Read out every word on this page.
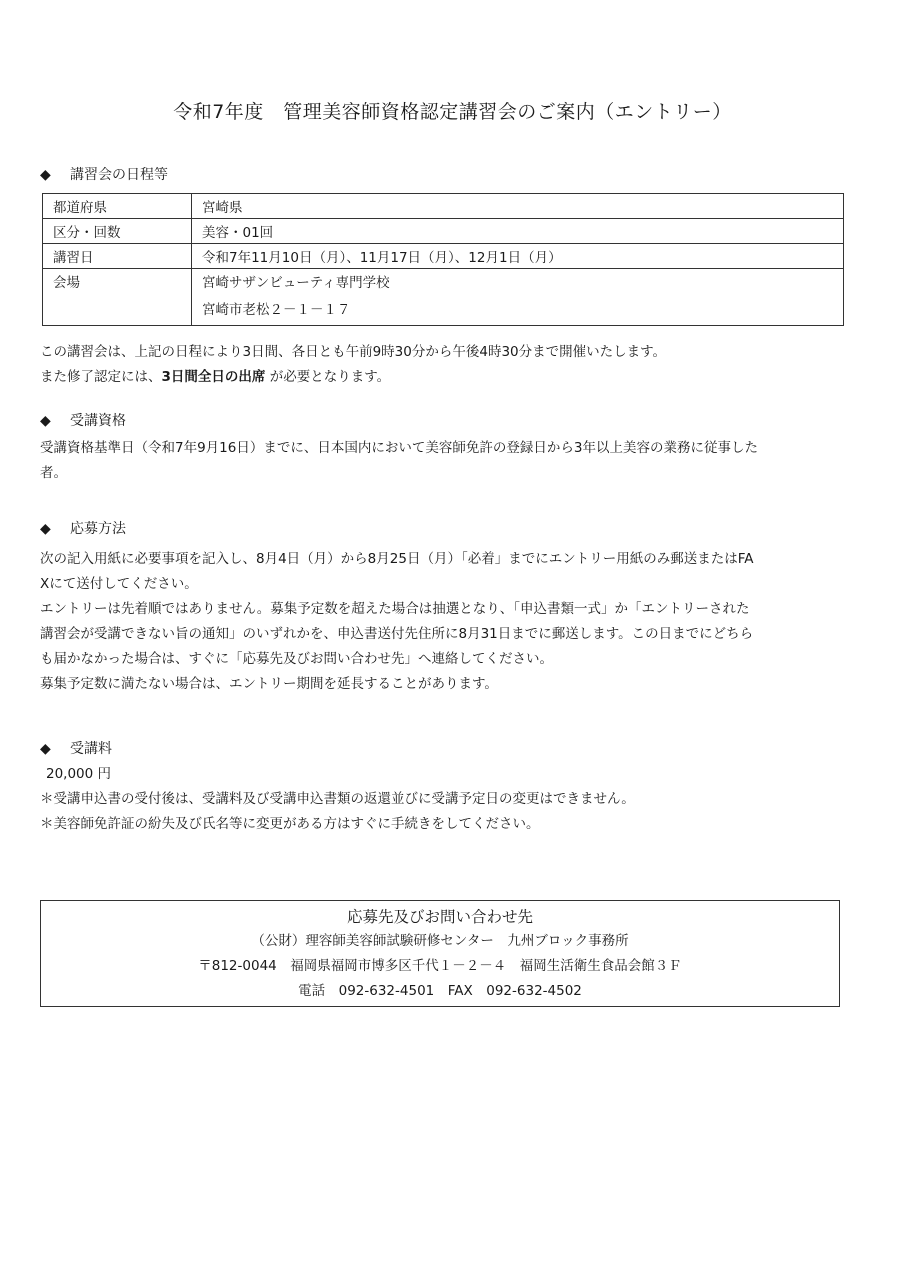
令和7年度　管理美容師資格認定講習会のご案内（エントリー）
◆ 講習会の日程等
都道府県	宮崎県
区分・回数	美容・01回
講習日	令和7年11月10日（月）、11月17日（月）、12月1日（月）
会場	宮崎サザンビューティ専門学校
宮崎市老松２－１－１７

この講習会は、上記の日程により3日間、各日とも午前9時30分から午後4時30分まで開催いたします。

また修了認定には、3日間全日の出席 が必要となります。

◆ 受講資格

受講資格基準日（令和7年9月16日）までに、日本国内において美容師免許の登録日から3年以上美容の業務に従事した

者。

◆ 応募方法

次の記入用紙に必要事項を記入し、8月4日（月）から8月25日（月）「必着」までにエントリー用紙のみ郵送またはFA

Xにて送付してください。

エントリーは先着順ではありません。募集予定数を超えた場合は抽選となり、「申込書類一式」か「エントリーされた

講習会が受講できない旨の通知」のいずれかを、申込書送付先住所に8月31日までに郵送します。この日までにどちら

も届かなかった場合は、すぐに「応募先及びお問い合わせ先」へ連絡してください。

募集予定数に満たない場合は、エントリー期間を延長することがあります。

◆ 受講料

20,000 円

＊受講申込書の受付後は、受講料及び受講申込書類の返還並びに受講予定日の変更はできません。

＊美容師免許証の紛失及び氏名等に変更がある方はすぐに手続きをしてください。

応募先及びお問い合わせ先
（公財）理容師美容師試験研修センター　九州ブロック事務所
〒812-0044　福岡県福岡市博多区千代１－２－４　福岡生活衛生食品会館３Ｆ
電話　092-632-4501　FAX　092-632-4502
